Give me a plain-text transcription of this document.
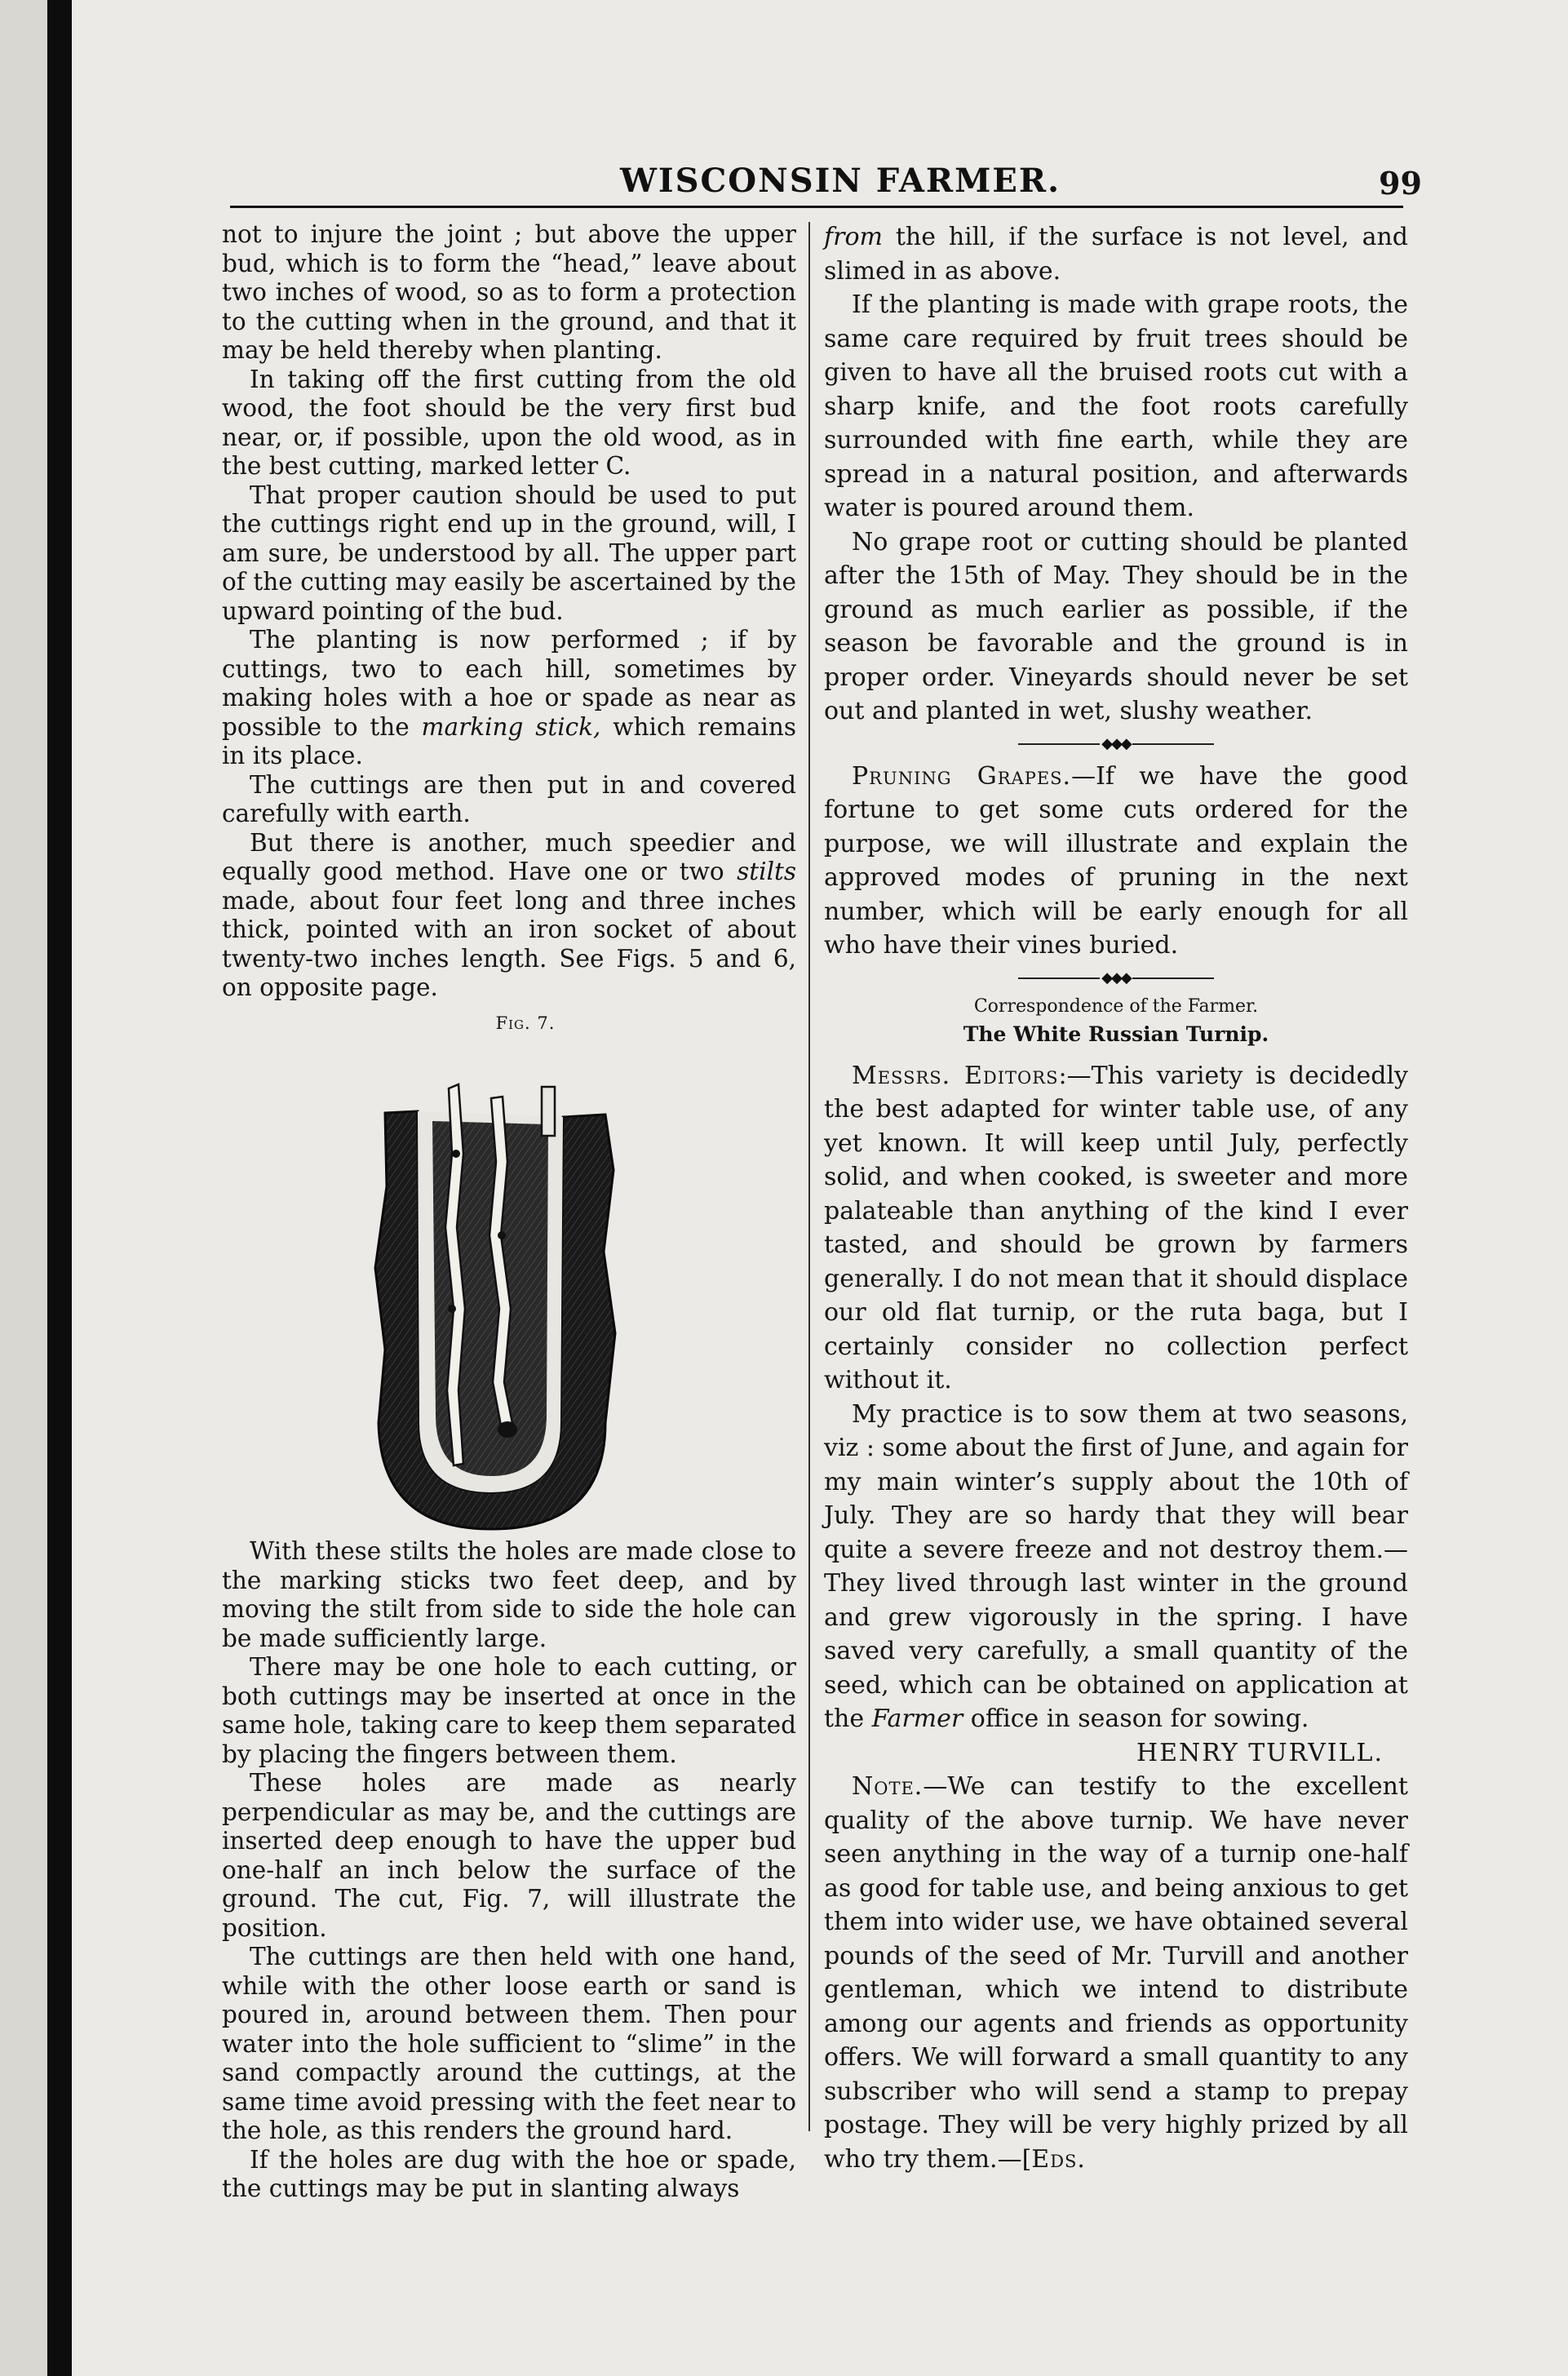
WISCONSIN FARMER.	99

not to injure the joint ; but above the upper bud, which is to form the “head,” leave about two inches of wood, so as to form a protection to the cutting when in the ground, and that it may be held thereby when planting.

In taking off the first cutting from the old wood, the foot should be the very first bud near, or, if possible, upon the old wood, as in the best cutting, marked letter C.

That proper caution should be used to put the cuttings right end up in the ground, will, I am sure, be understood by all. The upper part of the cutting may easily be ascertained by the upward pointing of the bud.

The planting is now performed ; if by cuttings, two to each hill, sometimes by making holes with a hoe or spade as near as possible to the marking stick, which remains in its place.

The cuttings are then put in and covered carefully with earth.

But there is another, much speedier and equally good method. Have one or two stilts made, about four feet long and three inches thick, pointed with an iron socket of about twenty-two inches length. See Figs. 5 and 6, on opposite page.

Fig. 7.

With these stilts the holes are made close to the marking sticks two feet deep, and by moving the stilt from side to side the hole can be made sufficiently large.

There may be one hole to each cutting, or both cuttings may be inserted at once in the same hole, taking care to keep them separated by placing the fingers between them.

These holes are made as nearly perpendicular as may be, and the cuttings are inserted deep enough to have the upper bud one-half an inch below the surface of the ground. The cut, Fig. 7, will illustrate the position.

The cuttings are then held with one hand, while with the other loose earth or sand is poured in, around between them. Then pour water into the hole sufficient to “slime” in the sand compactly around the cuttings, at the same time avoid pressing with the feet near to the hole, as this renders the ground hard.

If the holes are dug with the hoe or spade, the cuttings may be put in slanting always

from the hill, if the surface is not level, and slimed in as above.

If the planting is made with grape roots, the same care required by fruit trees should be given to have all the bruised roots cut with a sharp knife, and the foot roots carefully surrounded with fine earth, while they are spread in a natural position, and afterwards water is poured around them.

No grape root or cutting should be planted after the 15th of May. They should be in the ground as much earlier as possible, if the season be favorable and the ground is in proper order. Vineyards should never be set out and planted in wet, slushy weather.

◆◆◆

Pruning Grapes.—If we have the good fortune to get some cuts ordered for the purpose, we will illustrate and explain the approved modes of pruning in the next number, which will be early enough for all who have their vines buried.

◆◆◆
Correspondence of the Farmer.
The White Russian Turnip.

Messrs. Editors:—This variety is decidedly the best adapted for winter table use, of any yet known. It will keep until July, perfectly solid, and when cooked, is sweeter and more palateable than anything of the kind I ever tasted, and should be grown by farmers generally. I do not mean that it should displace our old flat turnip, or the ruta baga, but I certainly consider no collection perfect without it.

My practice is to sow them at two seasons, viz : some about the first of June, and again for my main winter’s supply about the 10th of July. They are so hardy that they will bear quite a severe freeze and not destroy them.—They lived through last winter in the ground and grew vigorously in the spring. I have saved very carefully, a small quantity of the seed, which can be obtained on application at the Farmer office in season for sowing.

HENRY TURVILL.

Note.—We can testify to the excellent quality of the above turnip. We have never seen anything in the way of a turnip one-half as good for table use, and being anxious to get them into wider use, we have obtained several pounds of the seed of Mr. Turvill and another gentleman, which we intend to distribute among our agents and friends as opportunity offers. We will forward a small quantity to any subscriber who will send a stamp to prepay postage. They will be very highly prized by all who try them.—[Eds.
